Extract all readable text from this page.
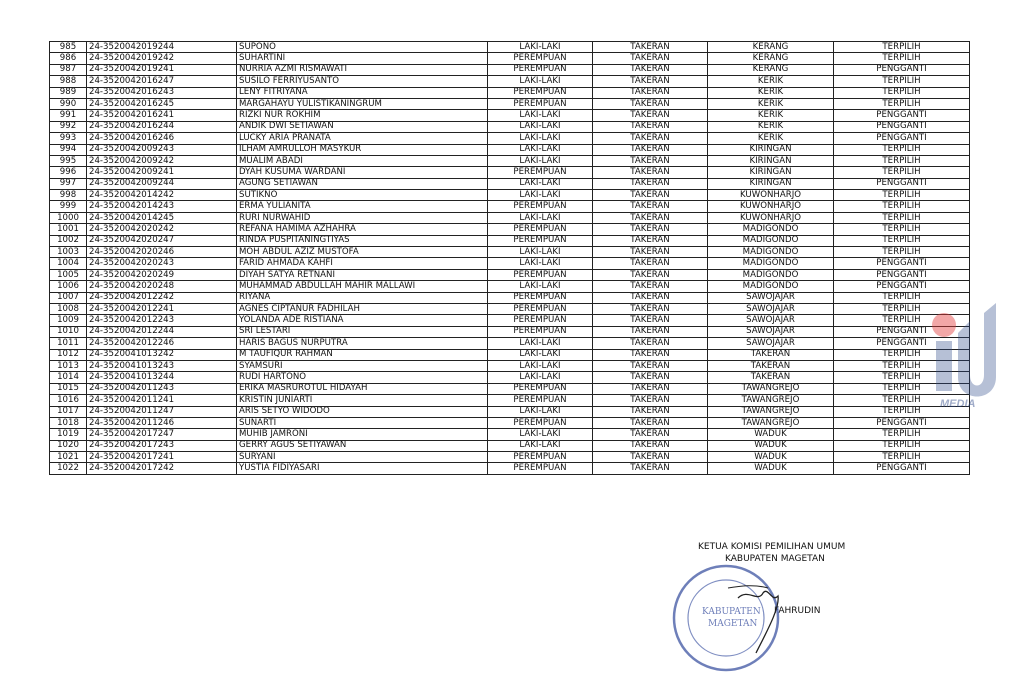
985	24-3520042019244	SUPONO	LAKI-LAKI	TAKERAN	KERANG	TERPILIH
986	24-3520042019242	SUHARTINI	PEREMPUAN	TAKERAN	KERANG	TERPILIH
987	24-3520042019241	NURRIA AZMI RISMAWATI	PEREMPUAN	TAKERAN	KERANG	PENGGANTI
988	24-3520042016247	SUSILO FERRIYUSANTO	LAKI-LAKI	TAKERAN	KERIK	TERPILIH
989	24-3520042016243	LENY FITRIYANA	PEREMPUAN	TAKERAN	KERIK	TERPILIH
990	24-3520042016245	MARGAHAYU YULISTIKANINGRUM	PEREMPUAN	TAKERAN	KERIK	TERPILIH
991	24-3520042016241	RIZKI NUR ROKHIM	LAKI-LAKI	TAKERAN	KERIK	PENGGANTI
992	24-3520042016244	ANDIK DWI SETIAWAN	LAKI-LAKI	TAKERAN	KERIK	PENGGANTI
993	24-3520042016246	LUCKY ARIA PRANATA	LAKI-LAKI	TAKERAN	KERIK	PENGGANTI
994	24-3520042009243	ILHAM AMRULLOH MASYKUR	LAKI-LAKI	TAKERAN	KIRINGAN	TERPILIH
995	24-3520042009242	MUALIM ABADI	LAKI-LAKI	TAKERAN	KIRINGAN	TERPILIH
996	24-3520042009241	DYAH KUSUMA WARDANI	PEREMPUAN	TAKERAN	KIRINGAN	TERPILIH
997	24-3520042009244	AGUNG SETIAWAN	LAKI-LAKI	TAKERAN	KIRINGAN	PENGGANTI
998	24-3520042014242	SUTIKNO	LAKI-LAKI	TAKERAN	KUWONHARJO	TERPILIH
999	24-3520042014243	ERMA YULIANITA	PEREMPUAN	TAKERAN	KUWONHARJO	TERPILIH
1000	24-3520042014245	RURI NURWAHID	LAKI-LAKI	TAKERAN	KUWONHARJO	TERPILIH
1001	24-3520042020242	REFANA HAMIMA AZHAHRA	PEREMPUAN	TAKERAN	MADIGONDO	TERPILIH
1002	24-3520042020247	RINDA PUSPITANINGTIYAS	PEREMPUAN	TAKERAN	MADIGONDO	TERPILIH
1003	24-3520042020246	MOH ABDUL AZIZ MUSTOFA	LAKI-LAKI	TAKERAN	MADIGONDO	TERPILIH
1004	24-3520042020243	FARID AHMADA KAHFI	LAKI-LAKI	TAKERAN	MADIGONDO	PENGGANTI
1005	24-3520042020249	DIYAH SATYA RETNANI	PEREMPUAN	TAKERAN	MADIGONDO	PENGGANTI
1006	24-3520042020248	MUHAMMAD ABDULLAH MAHIR MALLAWI	LAKI-LAKI	TAKERAN	MADIGONDO	PENGGANTI
1007	24-3520042012242	RIYANA	PEREMPUAN	TAKERAN	SAWOJAJAR	TERPILIH
1008	24-3520042012241	AGNES CIPTANUR FADHILAH	PEREMPUAN	TAKERAN	SAWOJAJAR	TERPILIH
1009	24-3520042012243	YOLANDA ADE RISTIANA	PEREMPUAN	TAKERAN	SAWOJAJAR	TERPILIH
1010	24-3520042012244	SRI LESTARI	PEREMPUAN	TAKERAN	SAWOJAJAR	PENGGANTI
1011	24-3520042012246	HARIS BAGUS NURPUTRA	LAKI-LAKI	TAKERAN	SAWOJAJAR	PENGGANTI
1012	24-3520041013242	M TAUFIQUR RAHMAN	LAKI-LAKI	TAKERAN	TAKERAN	TERPILIH
1013	24-3520041013243	SYAMSURI	LAKI-LAKI	TAKERAN	TAKERAN	TERPILIH
1014	24-3520041013244	RUDI HARTONO	LAKI-LAKI	TAKERAN	TAKERAN	TERPILIH
1015	24-3520042011243	ERIKA MASRUROTUL HIDAYAH	PEREMPUAN	TAKERAN	TAWANGREJO	TERPILIH
1016	24-3520042011241	KRISTIN JUNIARTI	PEREMPUAN	TAKERAN	TAWANGREJO	TERPILIH
1017	24-3520042011247	ARIS SETYO WIDODO	LAKI-LAKI	TAKERAN	TAWANGREJO	TERPILIH
1018	24-3520042011246	SUNARTI	PEREMPUAN	TAKERAN	TAWANGREJO	PENGGANTI
1019	24-3520042017247	MUHIB JAMRONI	LAKI-LAKI	TAKERAN	WADUK	TERPILIH
1020	24-3520042017243	GERRY AGUS SETIYAWAN	LAKI-LAKI	TAKERAN	WADUK	TERPILIH
1021	24-3520042017241	SURYANI	PEREMPUAN	TAKERAN	WADUK	TERPILIH
1022	24-3520042017242	YUSTIA FIDIYASARI	PEREMPUAN	TAKERAN	WADUK	PENGGANTI
KETUA KOMISI PEMILIHAN UMUM
KABUPATEN MAGETAN
FAHRUDIN
KABUPATEN
MAGETAN
MEDIA
